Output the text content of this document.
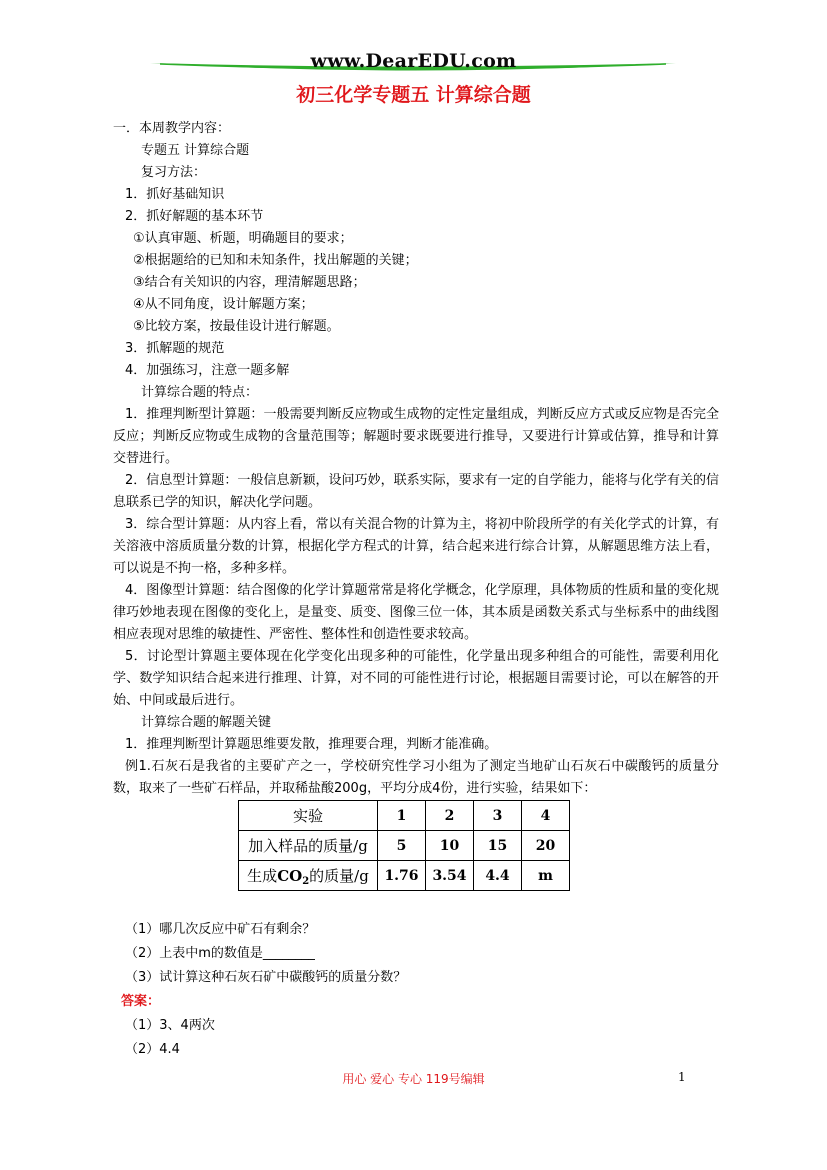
www.DearEDU.com
初三化学专题五 计算综合题
一．本周教学内容：
专题五 计算综合题
复习方法：
1．抓好基础知识
2．抓好解题的基本环节
①认真审题、析题，明确题目的要求；
②根据题给的已知和未知条件，找出解题的关键；
③结合有关知识的内容，理清解题思路；
④从不同角度，设计解题方案；
⑤比较方案，按最佳设计进行解题。
3．抓解题的规范
4．加强练习，注意一题多解
计算综合题的特点：
1．推理判断型计算题：一般需要判断反应物或生成物的定性定量组成，判断反应方式或反应物是否完全反应；判断反应物或生成物的含量范围等；解题时要求既要进行推导，又要进行计算或估算，推导和计算交替进行。
2．信息型计算题：一般信息新颖，设问巧妙，联系实际，要求有一定的自学能力，能将与化学有关的信息联系已学的知识，解决化学问题。
3．综合型计算题：从内容上看，常以有关混合物的计算为主，将初中阶段所学的有关化学式的计算，有关溶液中溶质质量分数的计算，根据化学方程式的计算，结合起来进行综合计算，从解题思维方法上看，可以说是不拘一格，多种多样。
4．图像型计算题：结合图像的化学计算题常常是将化学概念，化学原理，具体物质的性质和量的变化规律巧妙地表现在图像的变化上，是量变、质变、图像三位一体，其本质是函数关系式与坐标系中的曲线图相应表现对思维的敏捷性、严密性、整体性和创造性要求较高。
5．讨论型计算题主要体现在化学变化出现多种的可能性，化学量出现多种组合的可能性，需要利用化学、数学知识结合起来进行推理、计算，对不同的可能性进行讨论，根据题目需要讨论，可以在解答的开始、中间或最后进行。
计算综合题的解题关键
1．推理判断型计算题思维要发散，推理要合理，判断才能准确。
例1.石灰石是我省的主要矿产之一，学校研究性学习小组为了测定当地矿山石灰石中碳酸钙的质量分数，取来了一些矿石样品，并取稀盐酸200g，平均分成4份，进行实验，结果如下：
实验	1	2	3	4
加入样品的质量/g	5	10	15	20
生成$CO_2$的质量/g	1.76	3.54	4.4	m
（1）哪几次反应中矿石有剩余？
（2）上表中m的数值是________
（3）试计算这种石灰石矿中碳酸钙的质量分数？
答案：
（1）3、4两次
（2）4.4
用心 爱心 专心 119号编辑	1
